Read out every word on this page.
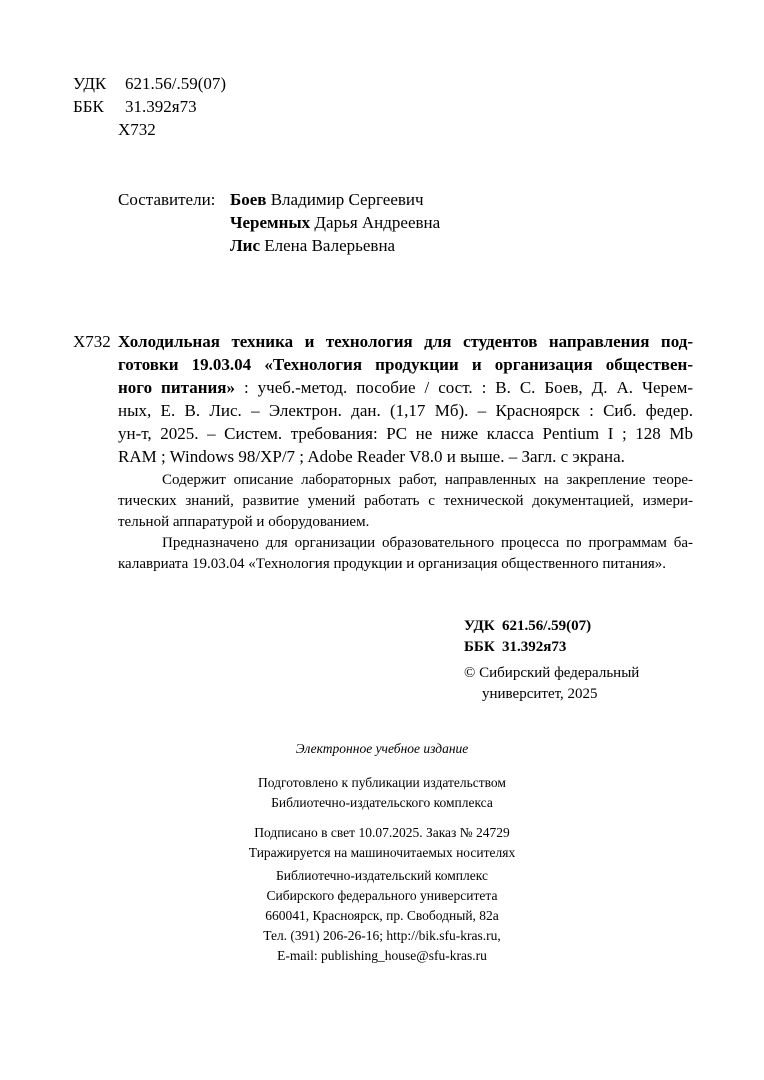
УДК	621.56/.59(07)
ББК	31.392я73
Х732
Составители: Боев Владимир Сергеевич
Черемных Дарья Андреевна
Лис Елена Валерьевна
Х732 Холодильная техника и технология для студентов направления под-

готовки 19.03.04 «Технология продукции и организация обществен-

ного питания» : учеб.-метод. пособие / сост. : В. С. Боев, Д. А. Черем-

ных, Е. В. Лис. – Электрон. дан. (1,17 Мб). – Красноярск : Сиб. федер.

ун-т, 2025. – Систем. требования: PC не ниже класса Pentium I ; 128 Mb

RAM ; Windows 98/XP/7 ; Adobe Reader V8.0 и выше. – Загл. с экрана.

Содержит описание лабораторных работ, направленных на закрепление теоре-

тических знаний, развитие умений работать с технической документацией, измери-

тельной аппаратурой и оборудованием.

Предназначено для организации образовательного процесса по программам ба-

калавриата 19.03.04 «Технология продукции и организация общественного питания».

УДК 621.56/.59(07)
ББК 31.392я73
© Сибирский федеральный
университет, 2025
Электронное учебное издание
Подготовлено к публикации издательством
Библиотечно-издательского комплекса
Подписано в свет 10.07.2025. Заказ № 24729
Тиражируется на машиночитаемых носителях
Библиотечно-издательский комплекс
Сибирского федерального университета
660041, Красноярск, пр. Свободный, 82а
Тел. (391) 206-26-16; http://bik.sfu-kras.ru,
E-mail: publishing_house@sfu-kras.ru
